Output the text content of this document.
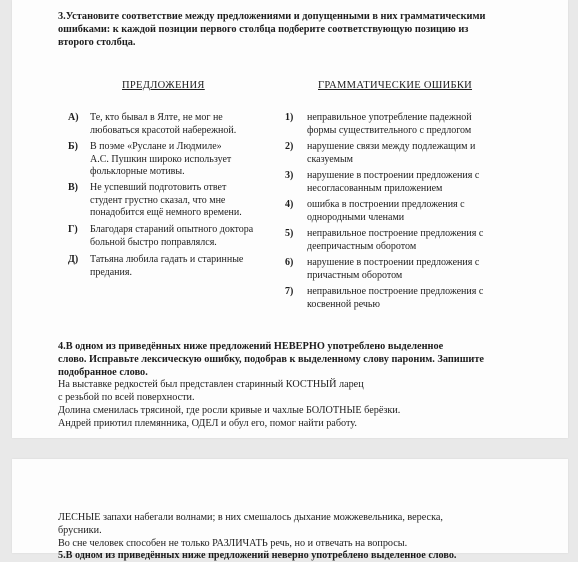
3.Установите соответствие между предложениями и допущенными в них грамматическими
ошибками: к каждой позиции первого столбца подберите соответствующую позицию из
второго столбца.
ПРЕДЛОЖЕНИЯ	ГРАММАТИЧЕСКИЕ ОШИБКИ
А) Те, кто бывал в Ялте, не мог не
любоваться красотой набережной.
Б) В поэме «Руслане и Людмиле»
А.С. Пушкин широко использует
фольклорные мотивы.
В) Не успевший подготовить ответ
студент грустно сказал, что мне
понадобится ещё немного времени.
Г) Благодаря стараний опытного доктора
больной быстро поправлялся.
Д) Татьяна любила гадать и старинные
предания.
1) неправильное употребление падежной
формы существительного с предлогом
2) нарушение связи между подлежащим и
сказуемым
3) нарушение в построении предложения с
несогласованным приложением
4) ошибка в построении предложения с
однородными членами
5) неправильное построение предложения с
деепричастным оборотом
6) нарушение в построении предложения с
причастным оборотом
7) неправильное построение предложения с
косвенной речью
4.В одном из приведённых ниже предложений НЕВЕРНО употреблено выделенное
слово. Исправьте лексическую ошибку, подобрав к выделенному слову пароним. Запишите
подобранное слово.
На выставке редкостей был представлен старинный КОСТНЫЙ ларец
с резьбой по всей поверхности.
Долина сменилась трясиной, где росли кривые и чахлые БОЛОТНЫЕ берёзки.
Андрей приютил племянника, ОДЕЛ и обул его, помог найти работу.
ЛЕСНЫЕ запахи набегали волнами; в них смешалось дыхание можжевельника, вереска,
брусники.
Во сне человек способен не только РАЗЛИЧАТЬ речь, но и отвечать на вопросы.
5.В одном из приведённых ниже предложений неверно употреблено выделенное слово.
